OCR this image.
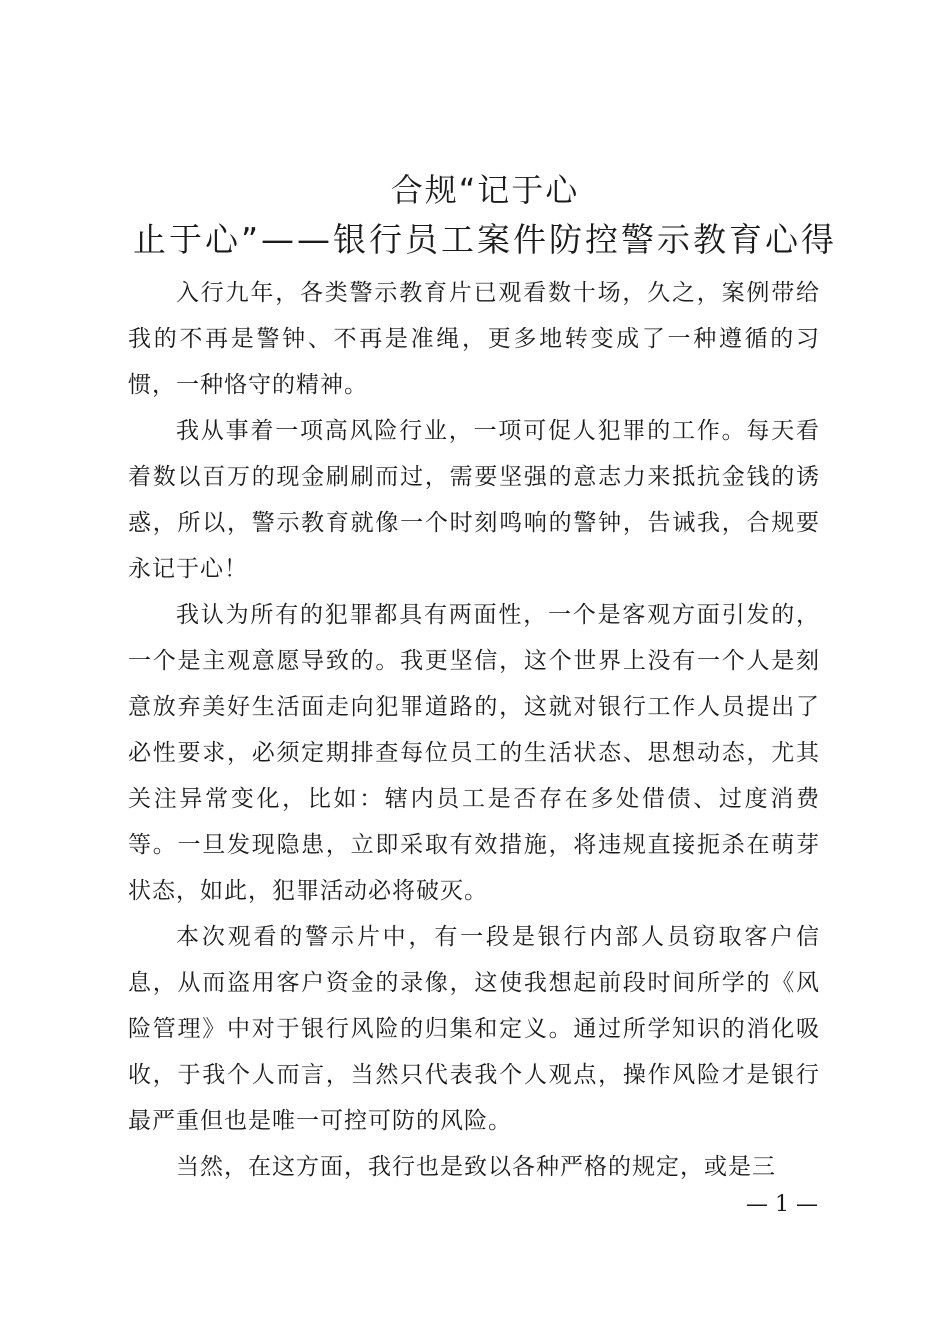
合规“记于心
止于心”——银行员工案件防控警示教育心得

入行九年，各类警示教育片已观看数十场，久之，案例带给我的不再是警钟、不再是准绳，更多地转变成了一种遵循的习惯，一种恪守的精神。

我从事着一项高风险行业，一项可促人犯罪的工作。每天看着数以百万的现金刷刷而过，需要坚强的意志力来抵抗金钱的诱惑，所以，警示教育就像一个时刻鸣响的警钟，告诫我，合规要永记于心！

我认为所有的犯罪都具有两面性，一个是客观方面引发的，一个是主观意愿导致的。我更坚信，这个世界上没有一个人是刻意放弃美好生活面走向犯罪道路的，这就对银行工作人员提出了必性要求，必须定期排查每位员工的生活状态、思想动态，尤其关注异常变化，比如：辖内员工是否存在多处借债、过度消费等。一旦发现隐患，立即采取有效措施，将违规直接扼杀在萌芽状态，如此，犯罪活动必将破灭。

本次观看的警示片中，有一段是银行内部人员窃取客户信息，从而盗用客户资金的录像，这使我想起前段时间所学的《风险管理》中对于银行风险的归集和定义。通过所学知识的消化吸收，于我个人而言，当然只代表我个人观点，操作风险才是银行最严重但也是唯一可控可防的风险。

当然，在这方面，我行也是致以各种严格的规定，或是三

— 1 —
